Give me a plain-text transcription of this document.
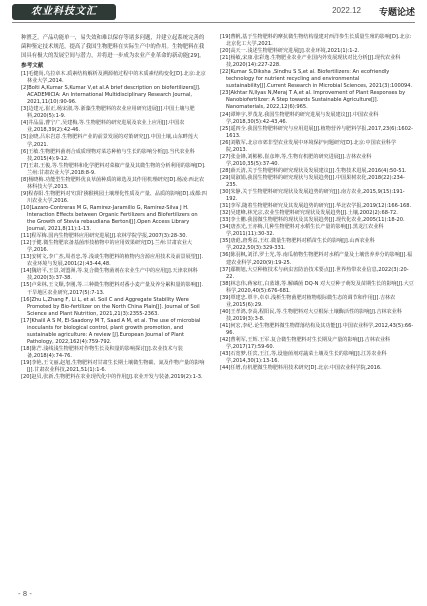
农业科技文汇	2022.12 专题论述

种匮乏，产品功能单一，易失效和难以保存等诸多问题，并建立起系统完善的菌种鉴定技术规范，提高了我国生物肥料在实际生产中的作用。生物肥料在我国具有极大的发展空间与潜力，并将进一步成为农业产业革命的新动能[29]。

参考文献

[1]毛健尚,乌拉章木.质素结构解析及溯源植过程中的木质素结构变化[D].北京:北京林业大学,2014.

[2]Bolti A,Kumar S,Kumar V,et al.A brief description on biofertilizers[J]. ACADEMICIA: An International Multidisciplinary Research Journal, 2021,11(10):90-96.

[3]边建元,崔正,杨宋淑,等.浙藻生物肥料的农业应用研究进展[J].中国土壤与肥料,2020(5):1-9.

[4]井品晶,曹宁广,吴建梅,等.生物肥料的研究进展及农业上应用[J].中国农业,2018,39(2):42-46.

[5]金晓,吕东岩意.生物肥料产业的前景发展的对策研究[J].中国土壤,山东畔莲大学,2021.

[6]王敏.生物肥料菌剂合成质理物对菜芯种植与生长的影响分析[J].当代农业科技,2015(4):9-12.

[7]王肃,王俊,等.生物肥料和化学肥料对菜椒产量及其微生物的分析利用的影响[D].兰州:甘肃农业大学,2018:8-9.

[8]杨晓梅.功能型生物肥料优良草菌种质的筛选及其作用机理研究[D].杨凌:西北农林科技大学,2013.

[9]程春阳.生物肥料对'红阳'猕猴桃园土壤理化性质及产量、品质的影响[D].成都:四川农业大学,2016.

[10]Lazaro-Contreras M G, Ramirez-Jaramillo G, Ramirez-Silva J H. Interaction Effects between Organic Fertilizers and Biofertilizers on the Growth of Stevia rebaudiana Bertoni[J].Open Access Library Journal, 2021,8(11):1-13.

[11]程军梅.国内生物肥料应用研究进展[J].农林学院学报,2007(3):28-30.

[12]于健.微生物肥农备基菌形技植物中的应用效果研究[D].兰州:甘肃农业大学,2016.

[13]安树文,李广杰,周者忠,等.浅谈生物肥料的植物内含源应用技术及前景展望[J].农业环境与发展,2001(2):43-44,48.

[14]魏培平,王景,刘盟洲,等.复合微生物菌剂在农业生产中的应用[J].天津农林科技,2020(3):37-38.

[15]卢荣林,王文顺,李刚,等.三种微生物肥料对番小麦产量及养分累积量的影响[J].干旱地区农业研究,2017(5):7-13.

[16]Zhu L,Zhang F, Li L, et al. Soil C and Aggregate Stability Were Promoted by Bio-fertilizer on the North China Plain[J]. Journal of Soil Science and Plant Nutrition, 2021,21(3):2355-2363.

[17]Khalil A S M, El-Saadony M T, Saad A M, et al. The use of microbial inoculants for biological control, plant growth promotion, and sustainable agriculture: A review [J].European Journal of Plant Pathology, 2022,162(4):759-792.

[18]陈芒.浅线浅生物肥料对作物生长及积量的影响探讨[J].农业技术与装备,2018(4):74-76.

[19]李艳,王文丽,赵旭,生物肥料对甘肃生长期土壤微生物碳、氮及作物产量的影响[J].甘肃农业科技,2021,51(1):1-6.

[20]赵贝,张新,生物肥料在农业现代化中的作用[J].农业开发与装备,2019(2):1-3.

[19]曹帆,基于生物肥料的摩抗微生物结构量建对西洋参生长质量生殖的影响[D].北京:北京化工大学,2021.

[20]高天一.浅述生物肥料研究进展[J].农业环境,2021(1):1-2.

[21]杨敏,宋康.张彩逸.生物肥业农业产业国内外发展现状对比分析[J].现代农业科技,2020(14):227-228.

[22]Kumar S,Diksha ,Sindhu S S,et al. Biofertilizers: An ecofriendly technology for nutrient recycling and environmental sustainability[J].Current Research in Microbial Sciences, 2021(3):100094.

[23]Akhtar N,Ilyas N,Meraj T A,et al. Improvement of Plant Responses by Nanobiofertilizer: A Step towards Sustainable Agriculture[J]. Nanomaterials, 2022,12(6):965.

[24]谭坤宇,罗茂龙.我国生物肥料的研究进展与发展建议[J].中国农业科学,2018,30(5):42-43,46.

[25]遥四全.我国生物肥料研究与应用进展[J].植物营养与肥料学报,2017,23(6):1602-1613.

[26]刘敬军,北京市郊非型农业发展中环境保护问题研究[D].北京:中国农业科学院,2013.

[27]张金锋,刘彬彬,崔彦坤,等,生物有机肥的研究进展[J].吉林农业科学,2010,35(5):37-40.

[28]薛天清,关于生物肥料的研究现状及发展建议[J].生物技术进展,2016(4):50-51.

[29]周淑娟,我国生物肥料的研究现状与发展趋势[J].中国果树农化,2018(22):234-235.

[30]朱静,关于生物肥料研究现状及发展趋势的研究[J].南方农业,2015,9(15):191-192.

[31]李军,随着生物肥料研究及其发展趋势的研究[J].华北农学报,2019(12):166-168.

[32]吴建峰,林光宗,农业生物肥料研究现状及发展趋势[J].土壤,2002(2):68-72.

[33]李士鹏.我国微生物肥料的现状及其发展趋势[J].现代化农业,2005(11):18-20.

[34]唐杰光,王亦梅,几种生物肥料对水稻生长产量的影响[J].黑龙江农业科学,2011(11):30-32.

[35]唐彪,唐秀益,王红.微量生物肥料对稻苗生长的影响[J].山西农业科学,2022,50(3):329-331.

[36]陈羽枫,刘洋,罗士光,等.南瓜植物生物肥料对水稻产量及土壤营养养分的影响[J].福建农业科学,2020(9):19-25.

[37]鄢朝旭,大豆种植技术与病虫害防治技术要点[J].世界热带农业信息,2022(3):20-22.

[38]林志伟,蒋家红,白蓝雄,等.解磷菌 DQ-N 对大豆种子萌发及苗期生长的影响[J].大豆科学,2020,40(5):676-681.

[39]覃建忠.覃丰,卓卓.浅析生物菌肥对植物根际微生态的调节和作用[J].吉林农业,2015(6):29.

[40]王孝鸿,李高,程阳民,等.生物肥料对大豆根际土壤酶活性的影响[J].吉林农业科技,2019(3):3-8.

[41]何宏,李纪.论生物肥料微生物群落结构及其功能[J].中国农业科学,2012,43(5):66-96.

[42]曹利军,王辉.王军.复合微生物肥料对生长期及产量的影响[J].吉林农业科学,2017(17):59-60.

[43]石宽梦,任宾,王江,等,设施菌剂对蔬菜土壤及生长的影响[J].江苏农业科学,2014,30(1):13-16.

[44]任增,有机肥微生物肥料用技术研究[D].北京:中国农业科学院,2016.

- 8 -
